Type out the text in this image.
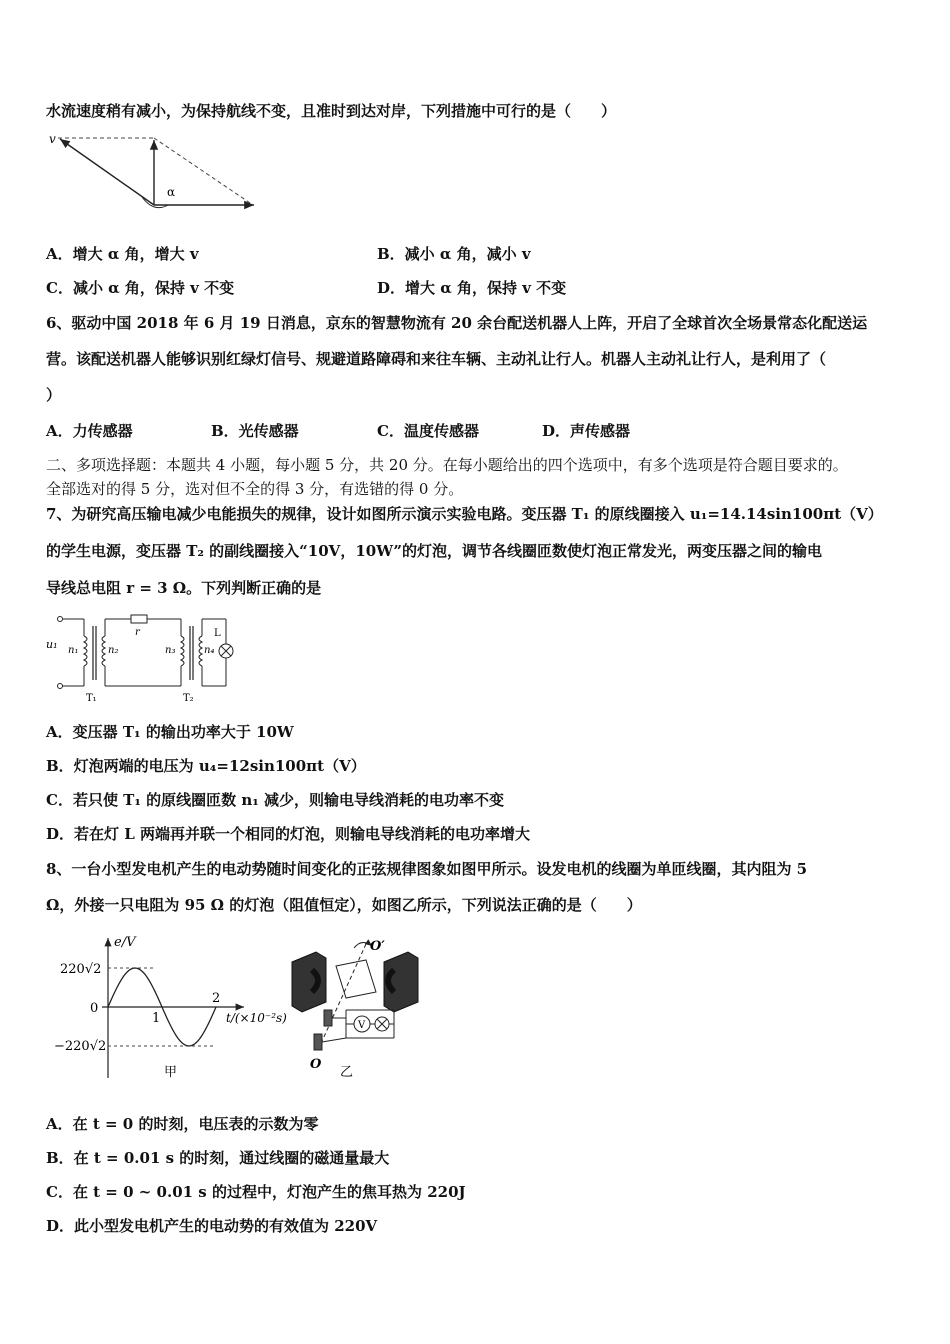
水流速度稍有减小，为保持航线不变，且准时到达对岸，下列措施中可行的是（　　）
v
α
A．增大 α 角，增大 v	B．减小 α 角，减小 v
C．减小 α 角，保持 v 不变	D．增大 α 角，保持 v 不变
6、驱动中国 2018 年 6 月 19 日消息，京东的智慧物流有 20 余台配送机器人上阵，开启了全球首次全场景常态化配送运
营。该配送机器人能够识别红绿灯信号、规避道路障碍和来往车辆、主动礼让行人。机器人主动礼让行人，是利用了（
）
A．力传感器	B．光传感器	C．温度传感器	D．声传感器
二、多项选择题：本题共 4 小题，每小题 5 分，共 20 分。在每小题给出的四个选项中，有多个选项是符合题目要求的。
全部选对的得 5 分，选对但不全的得 3 分，有选错的得 0 分。
7、为研究高压输电减少电能损失的规律，设计如图所示演示实验电路。变压器 T₁ 的原线圈接入 u₁=14.14sin100πt（V）
的学生电源，变压器 T₂ 的副线圈接入“10V，10W”的灯泡，调节各线圈匝数使灯泡正常发光，两变压器之间的输电
导线总电阻 r = 3 Ω。下列判断正确的是
u₁ n₁	n₂	n₃	n₄
r	L
T₁	T₂
A．变压器 T₁ 的输出功率大于 10W
B．灯泡两端的电压为 u₄=12sin100πt（V）
C．若只使 T₁ 的原线圈匝数 n₁ 减少，则输电导线消耗的电功率不变
D．若在灯 L 两端再并联一个相同的灯泡，则输电导线消耗的电功率增大
8、一台小型发电机产生的电动势随时间变化的正弦规律图象如图甲所示。设发电机的线圈为单匝线圈，其内阻为 5
Ω，外接一只电阻为 95 Ω 的灯泡（阻值恒定），如图乙所示，下列说法正确的是（　　）
220√2
0
−220√2
1
2
e/V
t/(×10⁻²s)
甲
V
O′
O
乙
A．在 t = 0 的时刻，电压表的示数为零
B．在 t = 0.01 s 的时刻，通过线圈的磁通量最大
C．在 t = 0 ~ 0.01 s 的过程中，灯泡产生的焦耳热为 220J
D．此小型发电机产生的电动势的有效值为 220V
